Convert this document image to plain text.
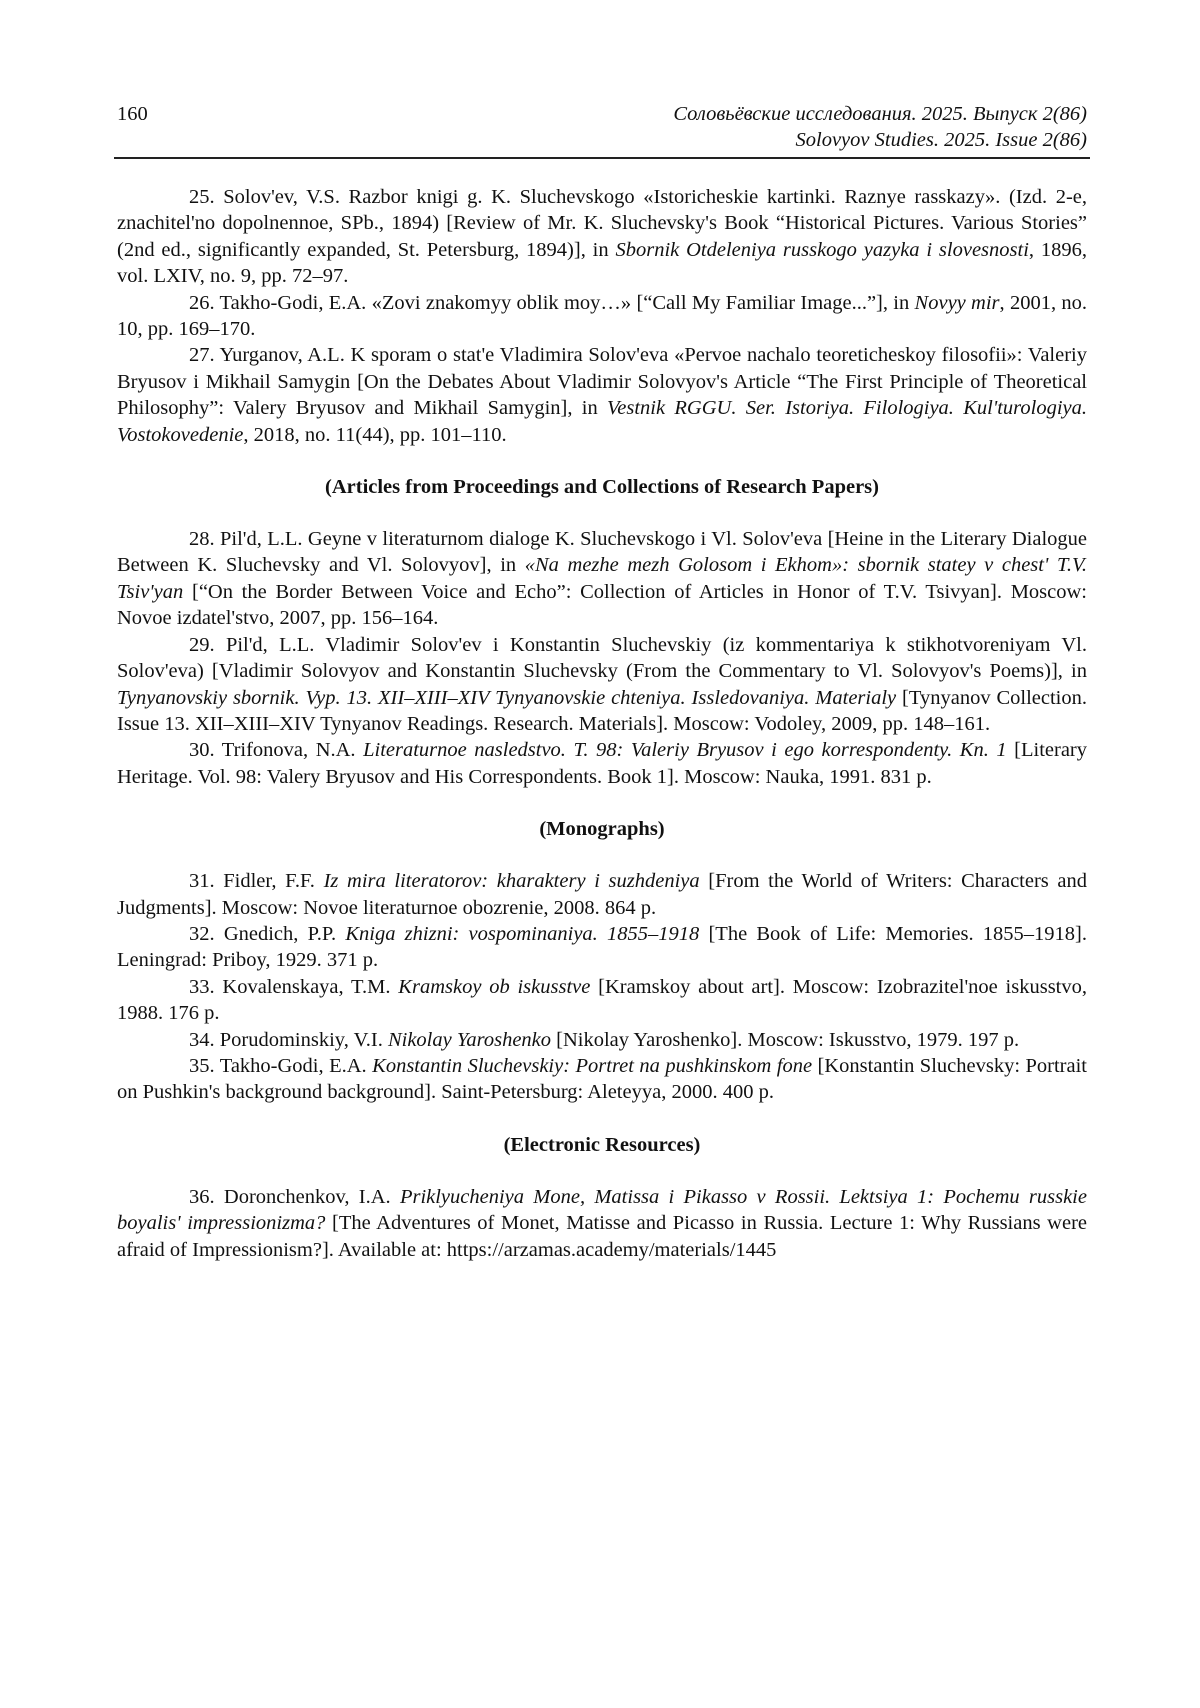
160	Соловьёвские исследования. 2025. Выпуск 2(86)
Solovyov Studies. 2025. Issue 2(86)

25. Solov'ev, V.S. Razbor knigi g. K. Sluchevskogo «Istoricheskie kartinki. Raznye rasskazy». (Izd. 2-e, znachitel'no dopolnennoe, SPb., 1894) [Review of Mr. K. Sluchevsky's Book “Historical Pictures. Various Stories” (2nd ed., significantly expanded, St. Petersburg, 1894)], in Sbornik Otdeleniya russkogo yazyka i slovesnosti, 1896, vol. LXIV, no. 9, pp. 72–97.

26. Takho-Godi, E.A. «Zovi znakomyy oblik moy…» [“Call My Familiar Image...”], in Novyy mir, 2001, no. 10, pp. 169–170.

27. Yurganov, A.L. K sporam o stat'e Vladimira Solov'eva «Pervoe nachalo teoreticheskoy filosofii»: Valeriy Bryusov i Mikhail Samygin [On the Debates About Vladimir Solovyov's Article “The First Principle of Theoretical Philosophy”: Valery Bryusov and Mikhail Samygin], in Vestnik RGGU. Ser. Istoriya. Filologiya. Kul'turologiya. Vostokovedenie, 2018, no. 11(44), pp. 101–110.

(Articles from Proceedings and Collections of Research Papers)

28. Pil'd, L.L. Geyne v literaturnom dialoge K. Sluchevskogo i Vl. Solov'eva [Heine in the Literary Dialogue Between K. Sluchevsky and Vl. Solovyov], in «Na mezhe mezh Golosom i Ekhom»: sbornik statey v chest' T.V. Tsiv'yan [“On the Border Between Voice and Echo”: Collection of Articles in Honor of T.V. Tsivyan]. Moscow: Novoe izdatel'stvo, 2007, pp. 156–164.

29. Pil'd, L.L. Vladimir Solov'ev i Konstantin Sluchevskiy (iz kommentariya k stikhotvoreniyam Vl. Solov'eva) [Vladimir Solovyov and Konstantin Sluchevsky (From the Commentary to Vl. Solovyov's Poems)], in Tynyanovskiy sbornik. Vyp. 13. XII–XIII–XIV Tynyanovskie chteniya. Issledovaniya. Materialy [Tynyanov Collection. Issue 13. XII–XIII–XIV Tynyanov Readings. Research. Materials]. Moscow: Vodoley, 2009, pp. 148–161.

30. Trifonova, N.A. Literaturnoe nasledstvo. T. 98: Valeriy Bryusov i ego korrespondenty. Kn. 1 [Literary Heritage. Vol. 98: Valery Bryusov and His Correspondents. Book 1]. Moscow: Nauka, 1991. 831 p.

(Monographs)

31. Fidler, F.F. Iz mira literatorov: kharaktery i suzhdeniya [From the World of Writers: Characters and Judgments]. Moscow: Novoe literaturnoe obozrenie, 2008. 864 p.

32. Gnedich, P.P. Kniga zhizni: vospominaniya. 1855–1918 [The Book of Life: Memories. 1855–1918]. Leningrad: Priboy, 1929. 371 p.

33. Kovalenskaya, T.M. Kramskoy ob iskusstve [Kramskoy about art]. Moscow: Izobrazitel'noe iskusstvo, 1988. 176 p.

34. Porudominskiy, V.I. Nikolay Yaroshenko [Nikolay Yaroshenko]. Moscow: Iskusstvo, 1979. 197 p.

35. Takho-Godi, E.A. Konstantin Sluchevskiy: Portret na pushkinskom fone [Konstantin Sluchevsky: Portrait on Pushkin's background background]. Saint-Petersburg: Aleteyya, 2000. 400 p.

(Electronic Resources)

36. Doronchenkov, I.A. Priklyucheniya Mone, Matissa i Pikasso v Rossii. Lektsiya 1: Pochemu russkie boyalis' impressionizma? [The Adventures of Monet, Matisse and Picasso in Russia. Lecture 1: Why Russians were afraid of Impressionism?]. Available at: https://arzamas.academy/materials/1445
